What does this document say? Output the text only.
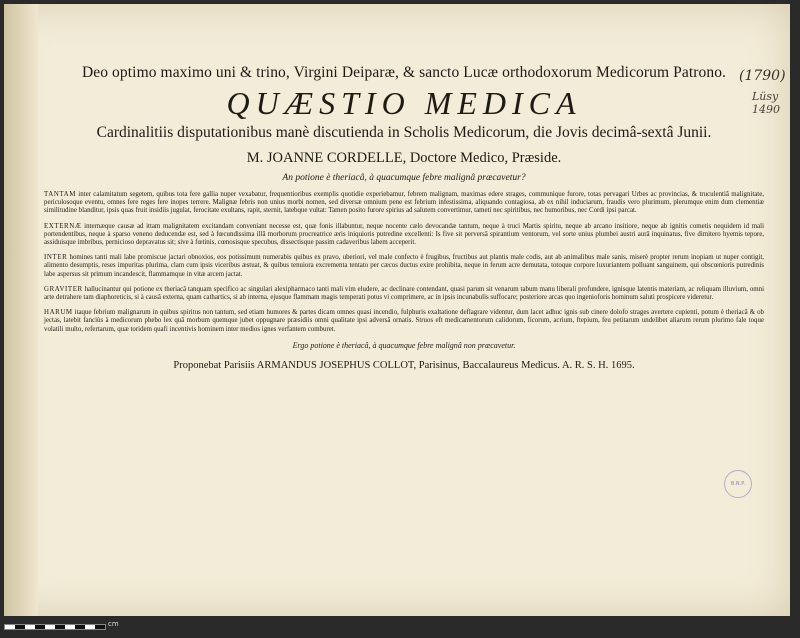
(1790)
Lüsy 1490
B.N.P.

Deo optimo maximo uni & trino, Virgini Deiparæ, & sancto Lucæ orthodoxorum Medicorum Patrono.

QUÆSTIO MEDICA

Cardinalitiis disputationibus manè discutienda in Scholis Medicorum, die Jovis decimâ-sextâ Junii.

M. JOANNE CORDELLE, Doctore Medico, Præside.

An potione è theriacâ, à quacumque febre malignâ præcavetur?

TANTAM inter calamitatum segetem, quibus tota fere gallia nuper vexabatur, frequentioribus exemplis quotidie experiebamur, febrem malignam, maximas edere strages, communique furore, totas pervagari Urbes ac provincias, & truculentiâ malignitate, periculosoque eventu, omnes fere reges fere inopes terrere. Malignæ febris non unius morbi nomen, sed diversæ omnium pene est febrium infestissima, aliquando contagiosa, ab ex nihil induciarum, fraudis vero plurimum, plerumque enim dum clementiæ similitudine blanditur, ipsis quas fruit insidiis jugulat, ferocitate exultans, rapit, sternit, latebque vultat: Tamen posito furore spirius ad salutem convertimur, tameti nec spiritibus, nec humoribus, nec Cordi ipsi parcat.

EXTERNÆ internæque causæ ad ittam malignitatem excitandam conveniant necesse est, quæ fonis illabuntur, neque nocente cælo devocandæ tantum, neque à truci Martis spiritu, neque ab arcano insitiore, neque ab ignitis cometis nequidem id mali portendentibus, neque à sparso veneno deducendæ est, sed à fœcundissima illâ morborum procreatrice æris iniquioris putredine excellenti: Is five sit perversâ spirantium ventorum, vel sorte unius plumbei austri aurâ inquinatus, five dimitero hyemis tepore, assiduisque imbribus, pernicioso depravatus sit; sive à fœtinis, cœnosisque specubus, dissectisque passim cadaveribus labem acceperit.

INTER homines tanti mali labe promiscue jactari obnoxios, eos potissimum numerabis quibus ex pravo, uberiori, vel male confecto è frugibus, fructibus aut plantis male codis, aut ab animalibus male sanis, miserè propter rerum inopiam ut nuper contigit, alimento desumptis, reses impuritas plurima, clam cum ipsis viceribus æstuat, & quibus tenuiora excrementa tentato per cæcos ductus exire prohibita, neque in ferum acre demutata, totoque corpore luxuriantem polluant sanguinem, qui obscœnioris putredinis labe aspersus sit primum incandescit, flammamque in vitæ arcem jactat.

GRAVITER hallucinantur qui potione ex theriacâ tanquam specifico ac singulari alexipharmaco tanti mali vim eludere, ac declinare contendant, quasi parum sit venarum tabum manu liberali profundere, ignisque latentis materiam, ac reliquam illuvium, omni arte detrahere tam diaphoreticis, si à causâ externa, quam cathartics, si ab interna, ejusque flammam magis temperati potus vi comprimere, ac in ipsis incunabulis suffocare; posteriore arcas quo ingenioforis hominum saluti prospicere videretur.

HARUM itaque febrium malignarum in quibus spiritus non tantum, sed etiam humores & partes dicam omnes quasi incendio, fulphuris exaltatione deflagrare videntur, dum lacet adhuc ignis sub cinere dolofo strages avertere cupienti, potum è theriacâ & ob jectas, latebit fanciùs à medicorum phebo lex quâ morbum quemque jubet oppugnare præsidiis omni qualitate ipsi adversâ ornatis. Struos eft medicamentorum calidorum, ficorum, acrium, ftepium, feu petitarum undelibet aliarum rerum plurimo fale toque volatili multo, refertarum, quæ toridem quafi incentivis hominem inter medios ignes verfantem comburet.

Ergo potione è theriacâ, à quacumque febre malignâ non præcavetur.

Proponebat Parisiis ARMANDUS JOSEPHUS COLLOT, Parisinus, Baccalaureus Medicus. A. R. S. H. 1695.

cm
